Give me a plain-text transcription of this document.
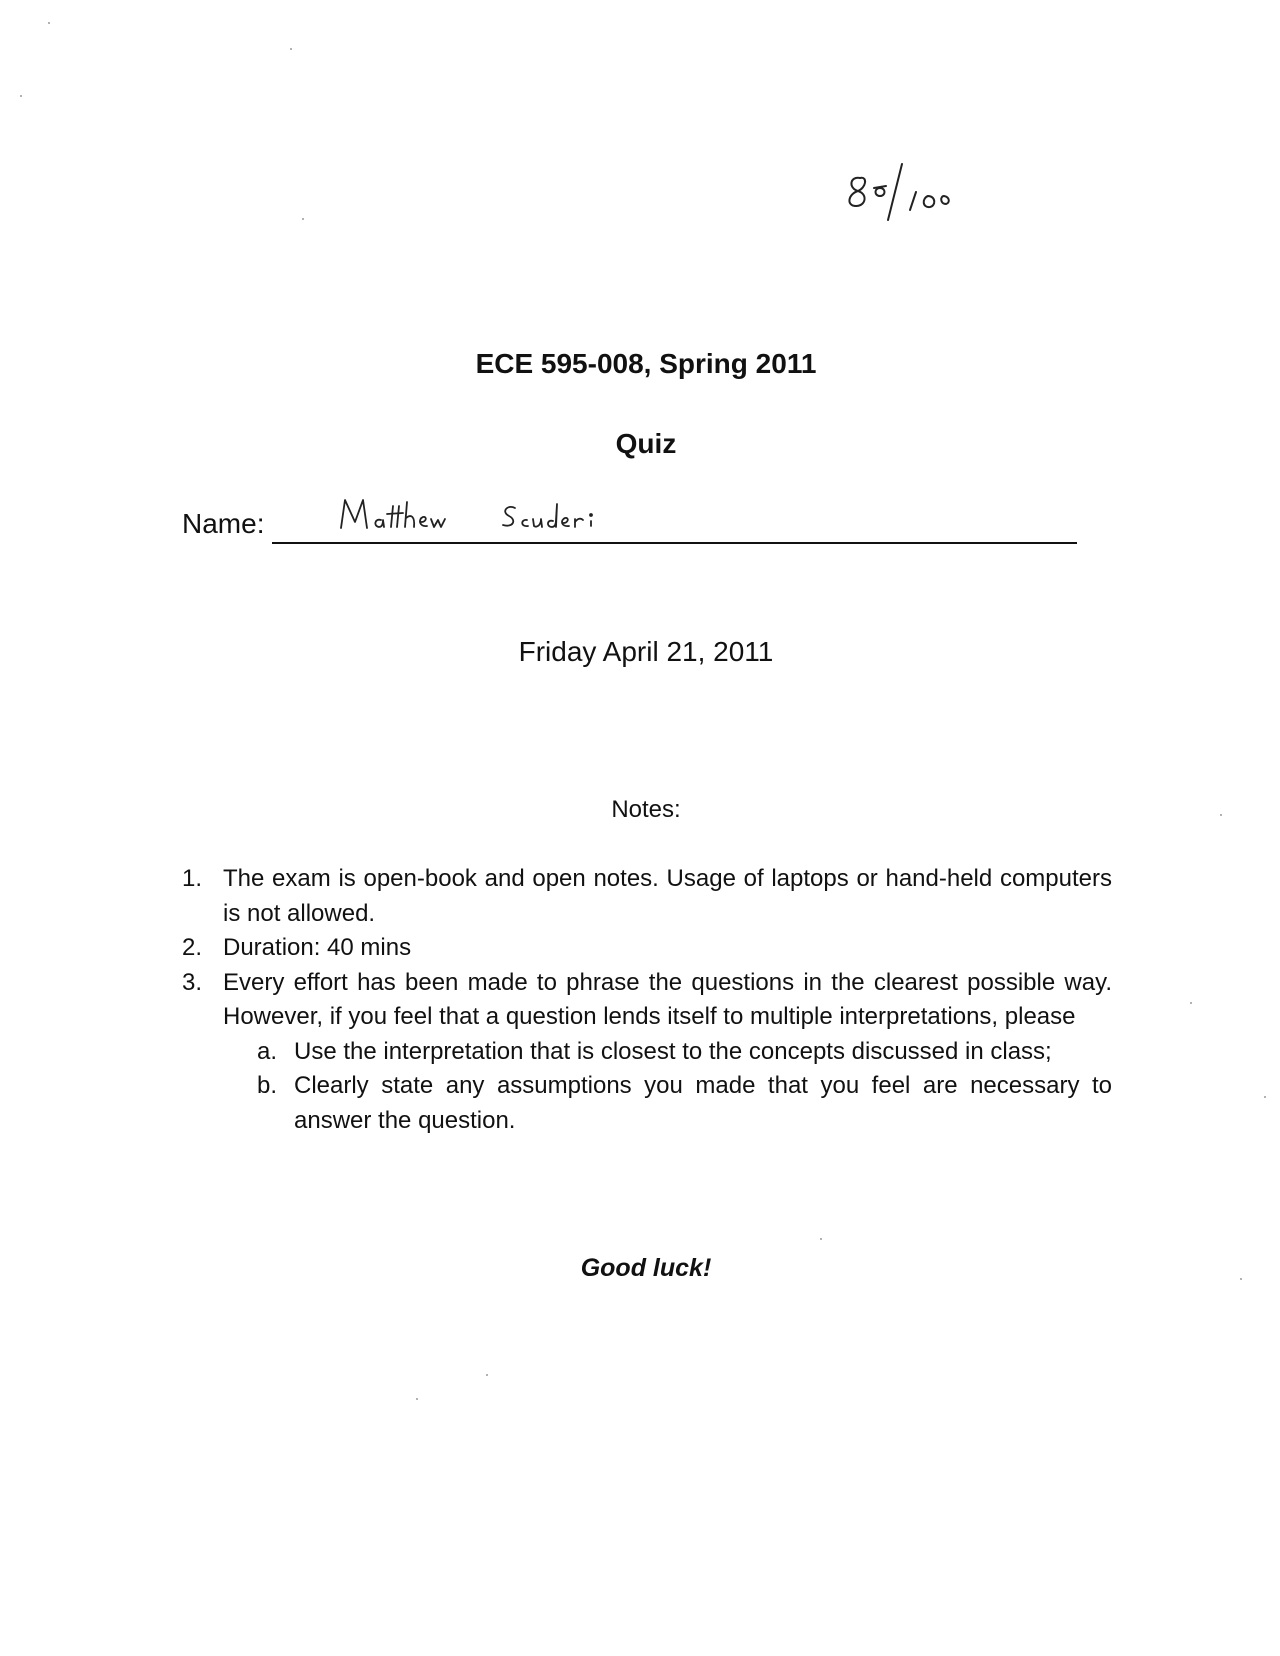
ECE 595-008, Spring 2011
Quiz
Name:
Friday April 21, 2011
Notes:
1. The exam is open-book and open notes. Usage of laptops or hand-held computers is not allowed.
2. Duration: 40 mins
3. Every effort has been made to phrase the questions in the clearest possible way. However, if you feel that a question lends itself to multiple interpretations, please
a. Use the interpretation that is closest to the concepts discussed in class;
b. Clearly state any assumptions you made that you feel are necessary to answer the question.
Good luck!
